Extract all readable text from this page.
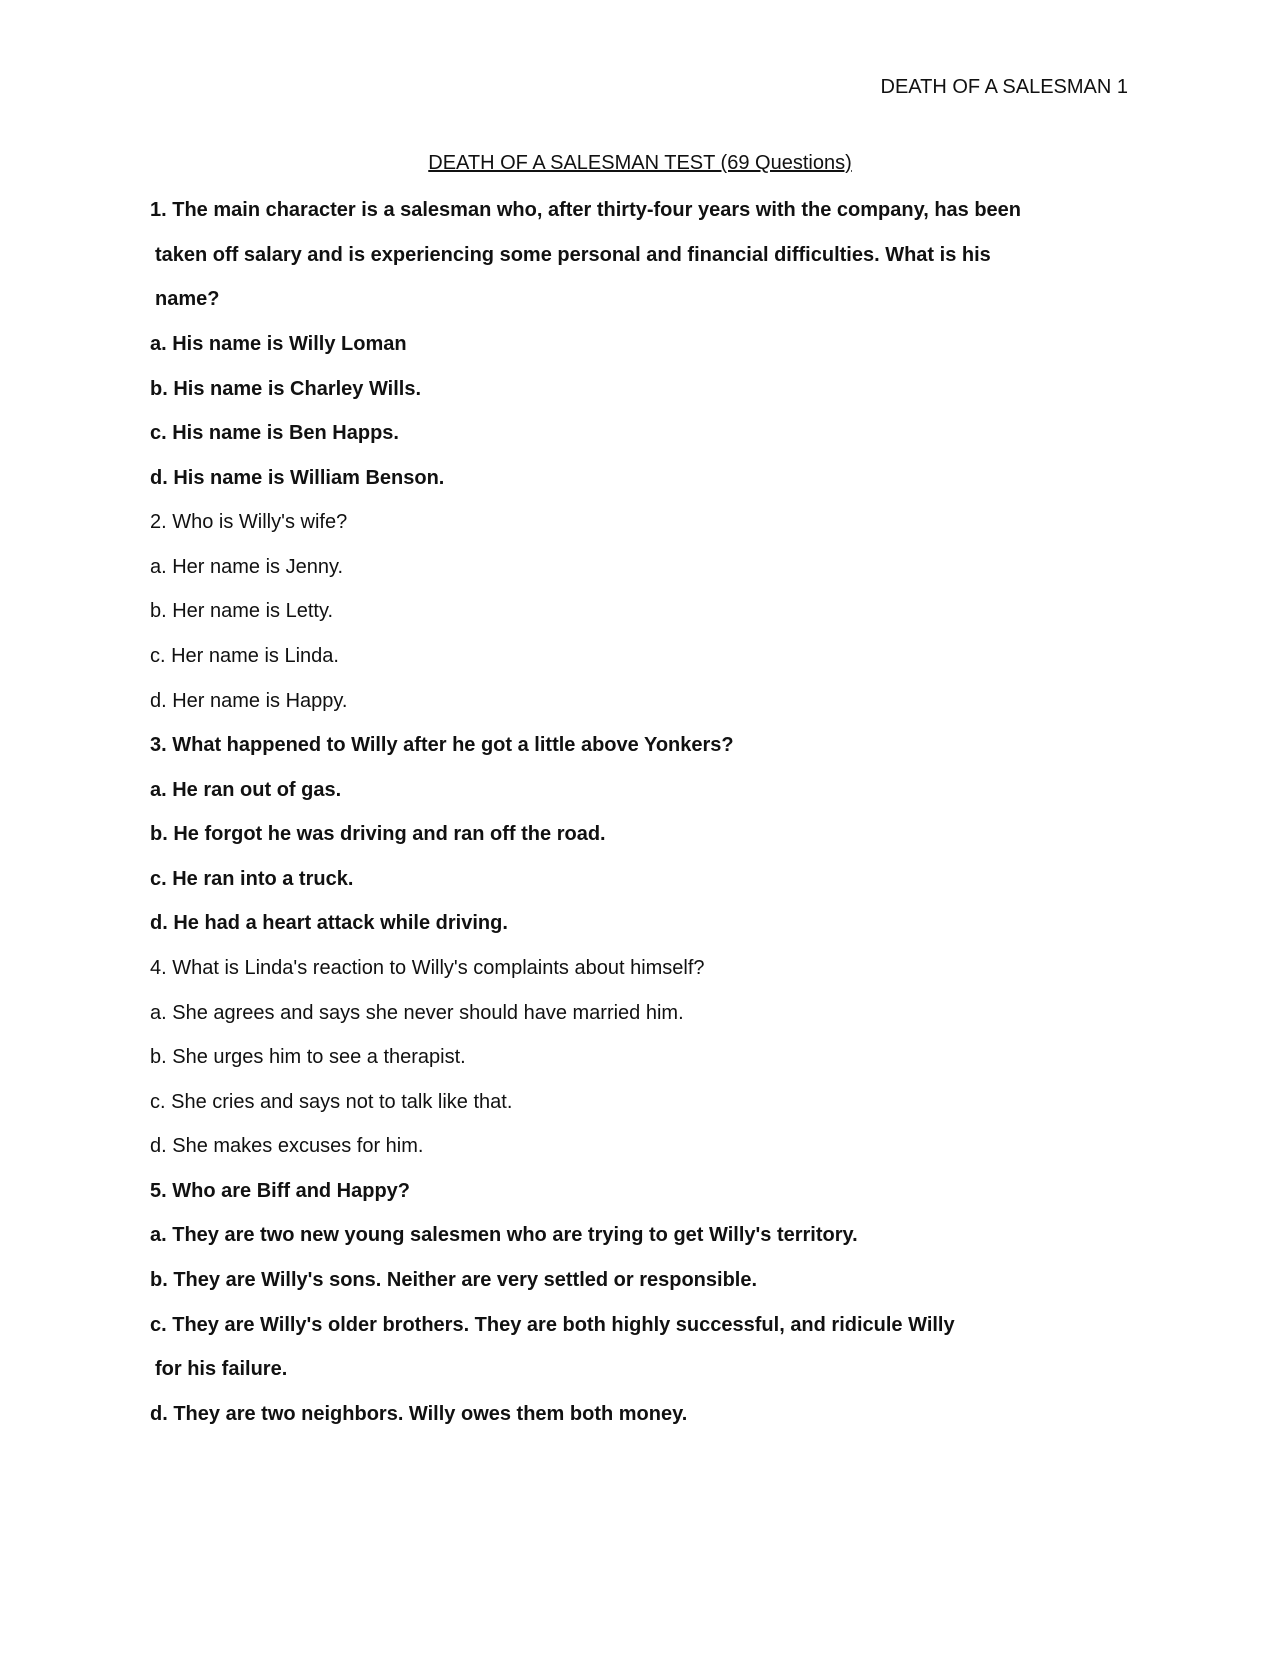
DEATH OF A SALESMAN 1
DEATH OF A SALESMAN TEST (69 Questions)
1. The main character is a salesman who, after thirty-four years with the company, has been
taken off salary and is experiencing some personal and financial difficulties. What is his
name?
a. His name is Willy Loman
b. His name is Charley Wills.
c. His name is Ben Happs.
d. His name is William Benson.
2. Who is Willy's wife?
a. Her name is Jenny.
b. Her name is Letty.
c. Her name is Linda.
d. Her name is Happy.
3. What happened to Willy after he got a little above Yonkers?
a. He ran out of gas.
b. He forgot he was driving and ran off the road.
c. He ran into a truck.
d. He had a heart attack while driving.
4. What is Linda's reaction to Willy's complaints about himself?
a. She agrees and says she never should have married him.
b. She urges him to see a therapist.
c. She cries and says not to talk like that.
d. She makes excuses for him.
5. Who are Biff and Happy?
a. They are two new young salesmen who are trying to get Willy's territory.
b. They are Willy's sons. Neither are very settled or responsible.
c. They are Willy's older brothers. They are both highly successful, and ridicule Willy
for his failure.
d. They are two neighbors. Willy owes them both money.
